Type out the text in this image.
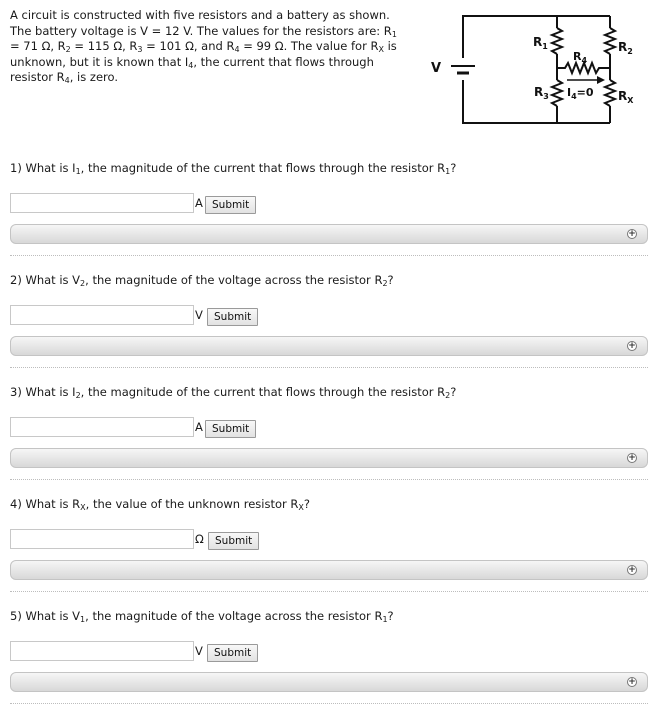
A circuit is constructed with five resistors and a battery as shown. The battery voltage is V = 12 V. The values for the resistors are: $R_1 = 71$ Ω, $R_2 = 115$ Ω, $R_3 = 101$ Ω, and $R_4 = 99$ Ω. The value for $R_X$ is unknown, but it is known that $I_4$, the current that flows through resistor $R_4$, is zero.
V
$R_1$	$R_2$
$R_3$
$R_4$
$R_X$
$I_4=0$
1) What is $I_1$, the magnitude of the current that flows through the resistor $R_1$?
A Submit
+
2) What is $V_2$, the magnitude of the voltage across the resistor $R_2$?
V	Submit
+
3) What is $I_2$, the magnitude of the current that flows through the resistor $R_2$?
A Submit
+
4) What is $R_X$, the value of the unknown resistor $R_X$?
Ω	Submit
+
5) What is $V_1$, the magnitude of the voltage across the resistor $R_1$?
V	Submit
+
